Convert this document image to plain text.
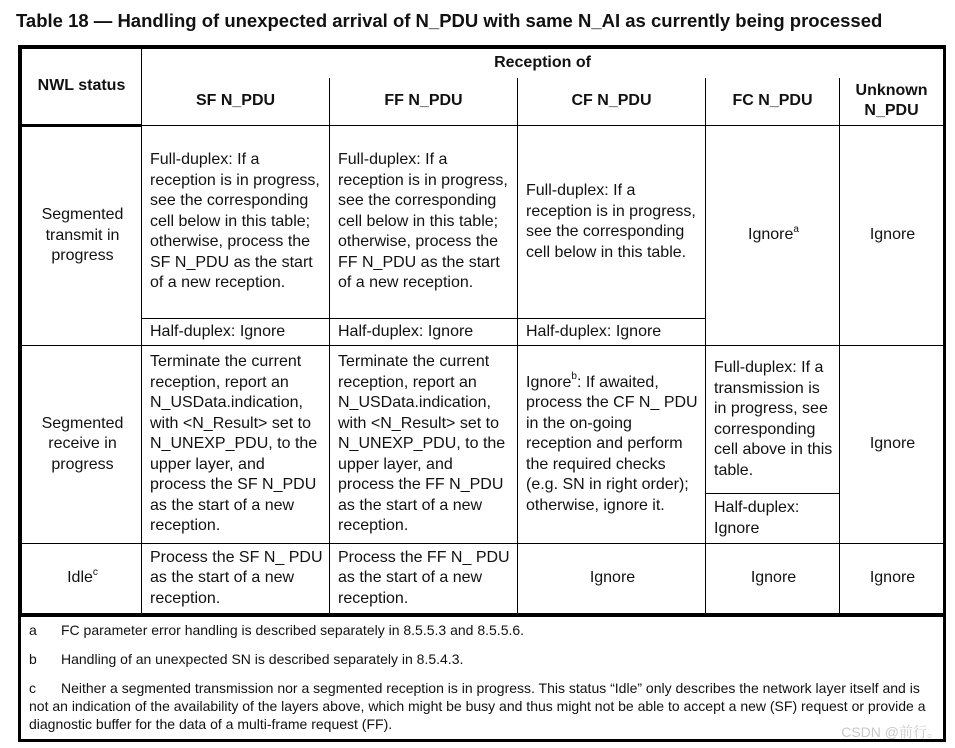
Table 18 — Handling of unexpected arrival of N_PDU with same N_AI as currently being processed
NWL status	Reception of				
	SF N_PDU	FF N_PDU	CF N_PDU	FC N_PDU	Unknown N_PDU
Segmented transmit in progress	Full-duplex: If a reception is in progress, see the corresponding cell below in this table; otherwise, process the SF N_PDU as the start of a new reception.	Full-duplex: If a reception is in progress, see the corresponding cell below in this table; otherwise, process the FF N_PDU as the start of a new reception.	Full-duplex: If a reception is in progress, see the corresponding cell below in this table.	Ignore$^a$	Ignore
	Half-duplex: Ignore	Half-duplex: Ignore	Half-duplex: Ignore		
Segmented receive in progress	Terminate the current reception, report an N_USData.indication, with <N_Result> set to N_UNEXP_PDU, to the upper layer, and process the SF N_PDU as the start of a new reception.	Terminate the current reception, report an N_USData.indication, with <N_Result> set to N_UNEXP_PDU, to the upper layer, and process the FF N_PDU as the start of a new reception.	Ignore$^b$: If awaited, process the CF N_ PDU in the on-going reception and perform the required checks (e.g. SN in right order); otherwise, ignore it.	Full-duplex: If a transmission is in progress, see corresponding cell above in this table.	Ignore
				Half-duplex: Ignore	
Idle$^c$	Process the SF N_ PDU as the start of a new reception.	Process the FF N_ PDU as the start of a new reception.	Ignore	Ignore	Ignore

a FC parameter error handling is described separately in 8.5.5.3 and 8.5.5.6.

b Handling of an unexpected SN is described separately in 8.5.4.3.

c Neither a segmented transmission nor a segmented reception is in progress. This status “Idle” only describes the network layer itself and is not an indication of the availability of the layers above, which might be busy and thus might not be able to accept a new (SF) request or provide a diagnostic buffer for the data of a multi-frame request (FF).	CSDN @前行。
